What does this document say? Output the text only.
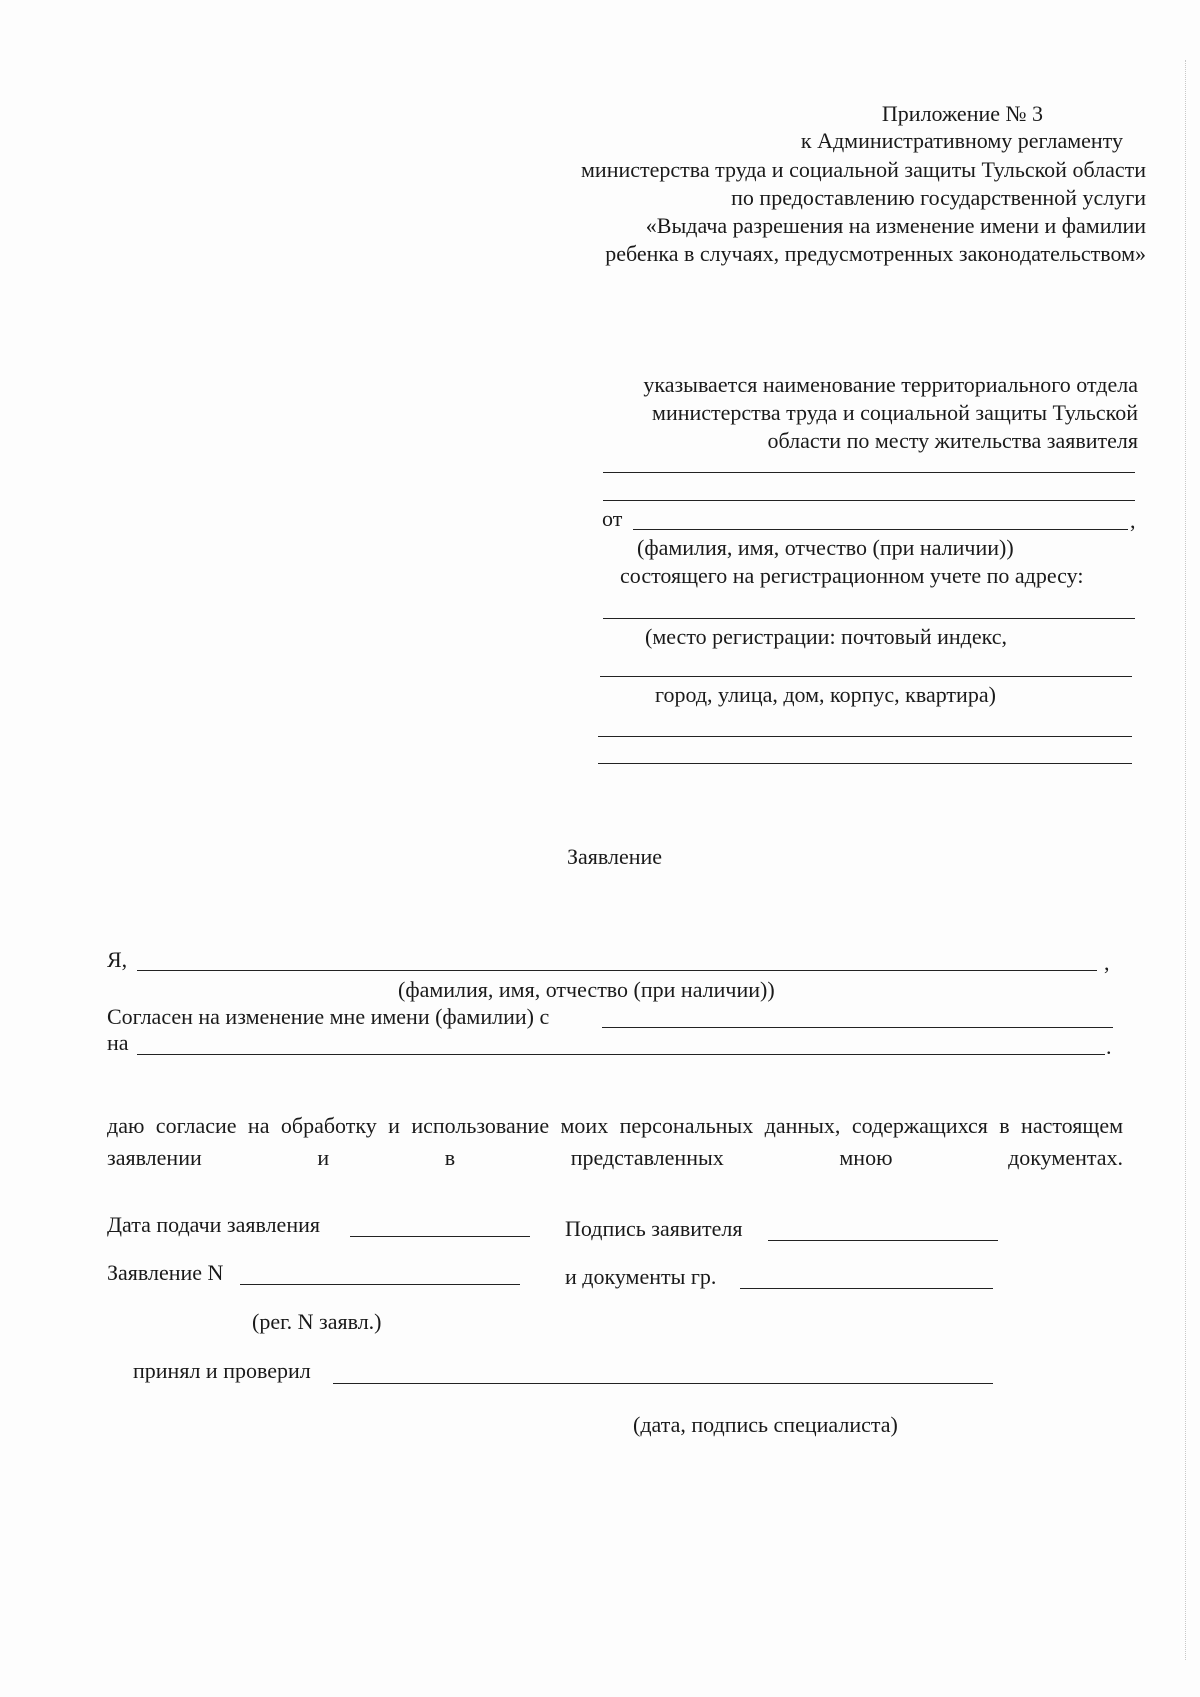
Приложение № 3
к Административному регламенту
министерства труда и социальной защиты Тульской области
по предоставлению государственной услуги
«Выдача разрешения на изменение имени и фамилии
ребенка в случаях, предусмотренных законодательством»
указывается наименование территориального отдела
министерства труда и социальной защиты Тульской
области по месту жительства заявителя
от	,
(фамилия, имя, отчество (при наличии))
состоящего на регистрационном учете по адресу:
(место регистрации: почтовый индекс,
город, улица, дом, корпус, квартира)
Заявление
Я,	,
(фамилия, имя, отчество (при наличии))
Согласен на изменение мне имени (фамилии) с
на	.
даю согласие на обработку и использование моих персональных данных, содержащихся в настоящем заявлении и в представленных мною документах.
Дата подачи заявления	Подпись заявителя
Заявление N	и документы гр.
(рег. N заявл.)
принял и проверил
(дата, подпись специалиста)
